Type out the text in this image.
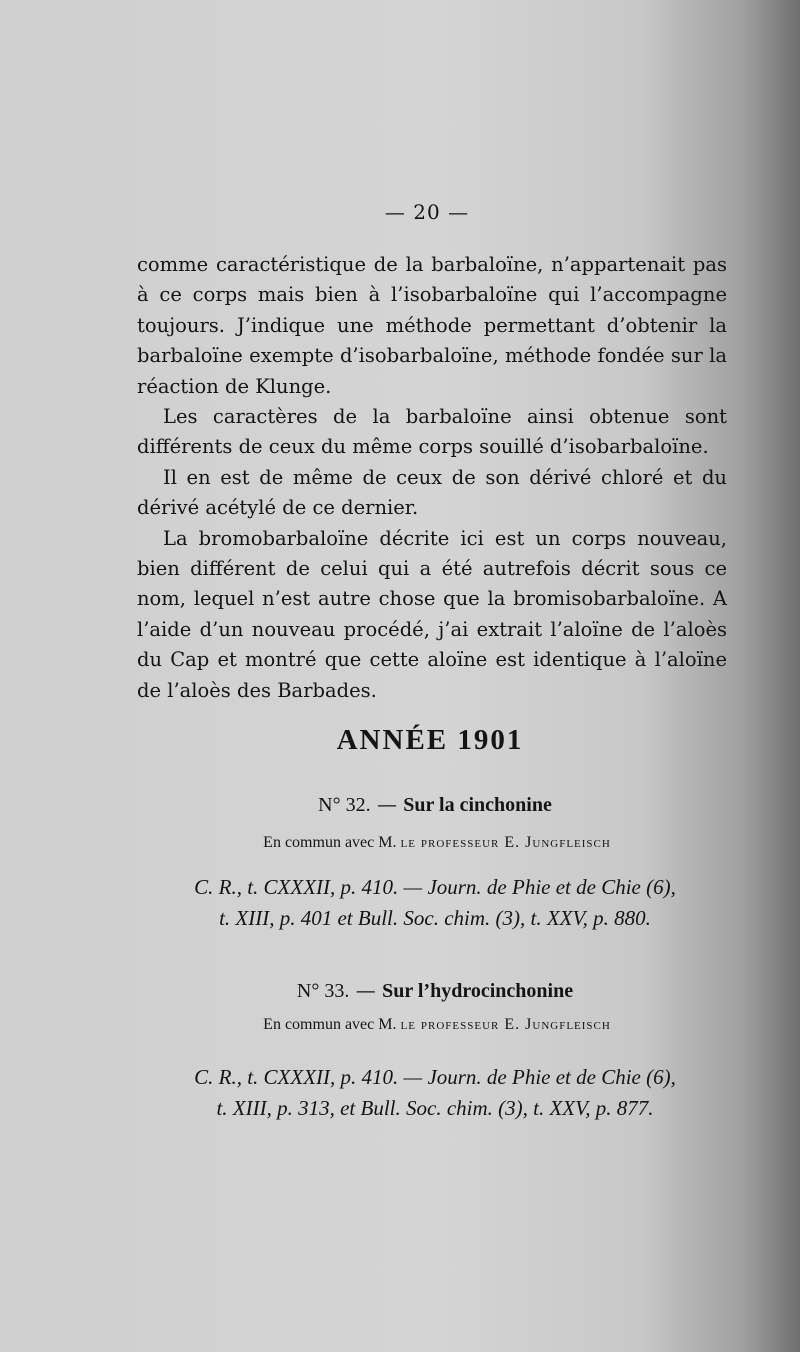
— 20 —

comme caractéristique de la barbaloïne, n’appartenait pas à ce corps mais bien à l’isobarbaloïne qui l’accompagne toujours. J’indique une méthode permettant d’obtenir la barbaloïne exempte d’isobarbaloïne, méthode fondée sur la réaction de Klunge.

Les caractères de la barbaloïne ainsi obtenue sont différents de ceux du même corps souillé d’isobarbaloïne.

Il en est de même de ceux de son dérivé chloré et du dérivé acétylé de ce dernier.

La bromobarbaloïne décrite ici est un corps nouveau, bien différent de celui qui a été autrefois décrit sous ce nom, lequel n’est autre chose que la bromisobarbaloïne. A l’aide d’un nouveau procédé, j’ai extrait l’aloïne de l’aloès du Cap et montré que cette aloïne est identique à l’aloïne de l’aloès des Barbades.

ANNÉE 1901
N° 32. — Sur la cinchonine
En commun avec M. le professeur E. Jungfleisch
C. R., t. CXXXII, p. 410. — Journ. de Phie et de Chie (6),
t. XIII, p. 401 et Bull. Soc. chim. (3), t. XXV, p. 880.
N° 33. — Sur l’hydrocinchonine
En commun avec M. le professeur E. Jungfleisch
C. R., t. CXXXII, p. 410. — Journ. de Phie et de Chie (6),
t. XIII, p. 313, et Bull. Soc. chim. (3), t. XXV, p. 877.
